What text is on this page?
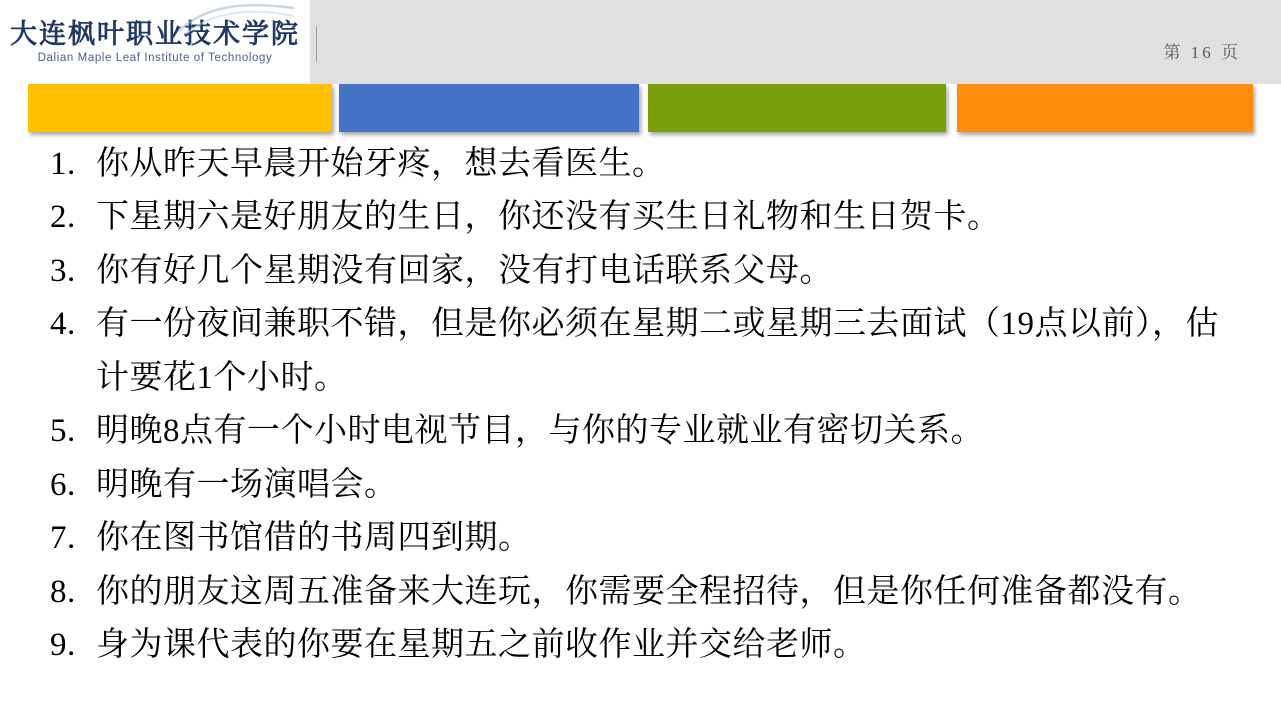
大连枫叶职业技术学院
Dalian Maple Leaf Institute of Technology	第 16 页
1. 你从昨天早晨开始牙疼，想去看医生。
2. 下星期六是好朋友的生日，你还没有买生日礼物和生日贺卡。
3. 你有好几个星期没有回家，没有打电话联系父母。
4. 有一份夜间兼职不错，但是你必须在星期二或星期三去面试（19点以前），估计要花1个小时。
5. 明晚8点有一个小时电视节目，与你的专业就业有密切关系。
6. 明晚有一场演唱会。
7. 你在图书馆借的书周四到期。
8. 你的朋友这周五准备来大连玩，你需要全程招待，但是你任何准备都没有。
9. 身为课代表的你要在星期五之前收作业并交给老师。
